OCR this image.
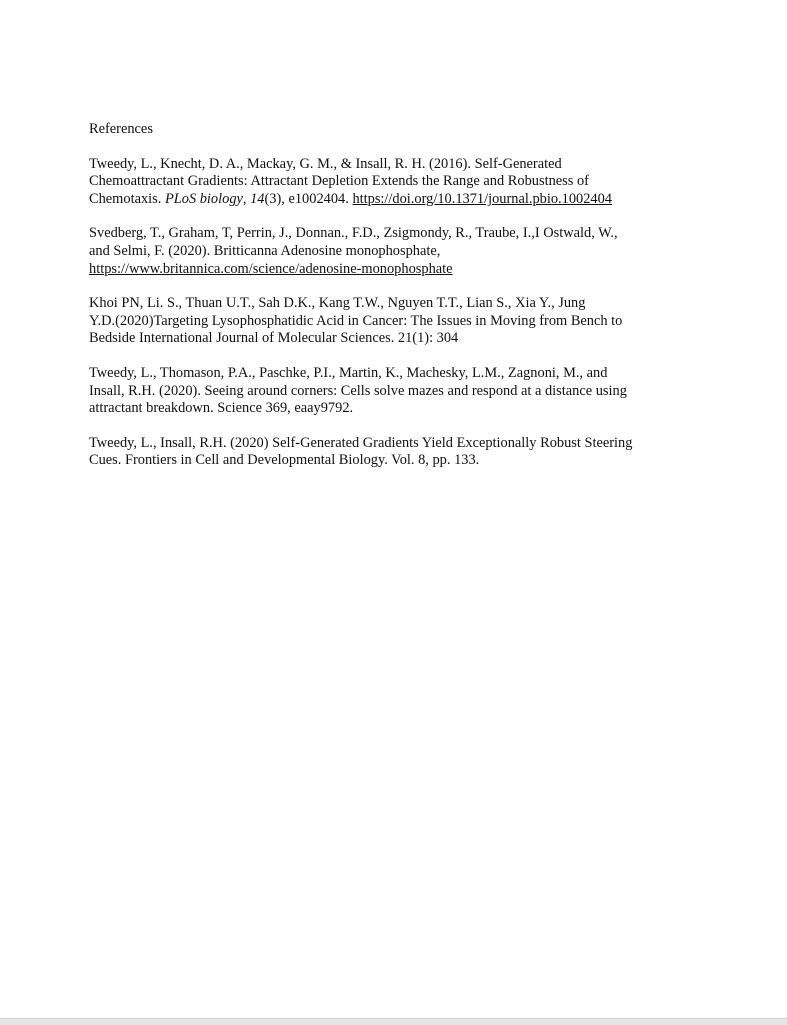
References
Tweedy, L., Knecht, D. A., Mackay, G. M., & Insall, R. H. (2016). Self-Generated
Chemoattractant Gradients: Attractant Depletion Extends the Range and Robustness of
Chemotaxis. PLoS biology, 14(3), e1002404. https://doi.org/10.1371/journal.pbio.1002404
Svedberg, T., Graham, T, Perrin, J., Donnan., F.D., Zsigmondy, R., Traube, I.,I Ostwald, W.,
and Selmi, F. (2020). Britticanna Adenosine monophosphate,
https://www.britannica.com/science/adenosine-monophosphate
Khoi PN, Li. S., Thuan U.T., Sah D.K., Kang T.W., Nguyen T.T., Lian S., Xia Y., Jung
Y.D.(2020)Targeting Lysophosphatidic Acid in Cancer: The Issues in Moving from Bench to
Bedside International Journal of Molecular Sciences. 21(1): 304
Tweedy, L., Thomason, P.A., Paschke, P.I., Martin, K., Machesky, L.M., Zagnoni, M., and
Insall, R.H. (2020). Seeing around corners: Cells solve mazes and respond at a distance using
attractant breakdown. Science 369, eaay9792.
Tweedy, L., Insall, R.H. (2020) Self-Generated Gradients Yield Exceptionally Robust Steering
Cues. Frontiers in Cell and Developmental Biology. Vol. 8, pp. 133.
